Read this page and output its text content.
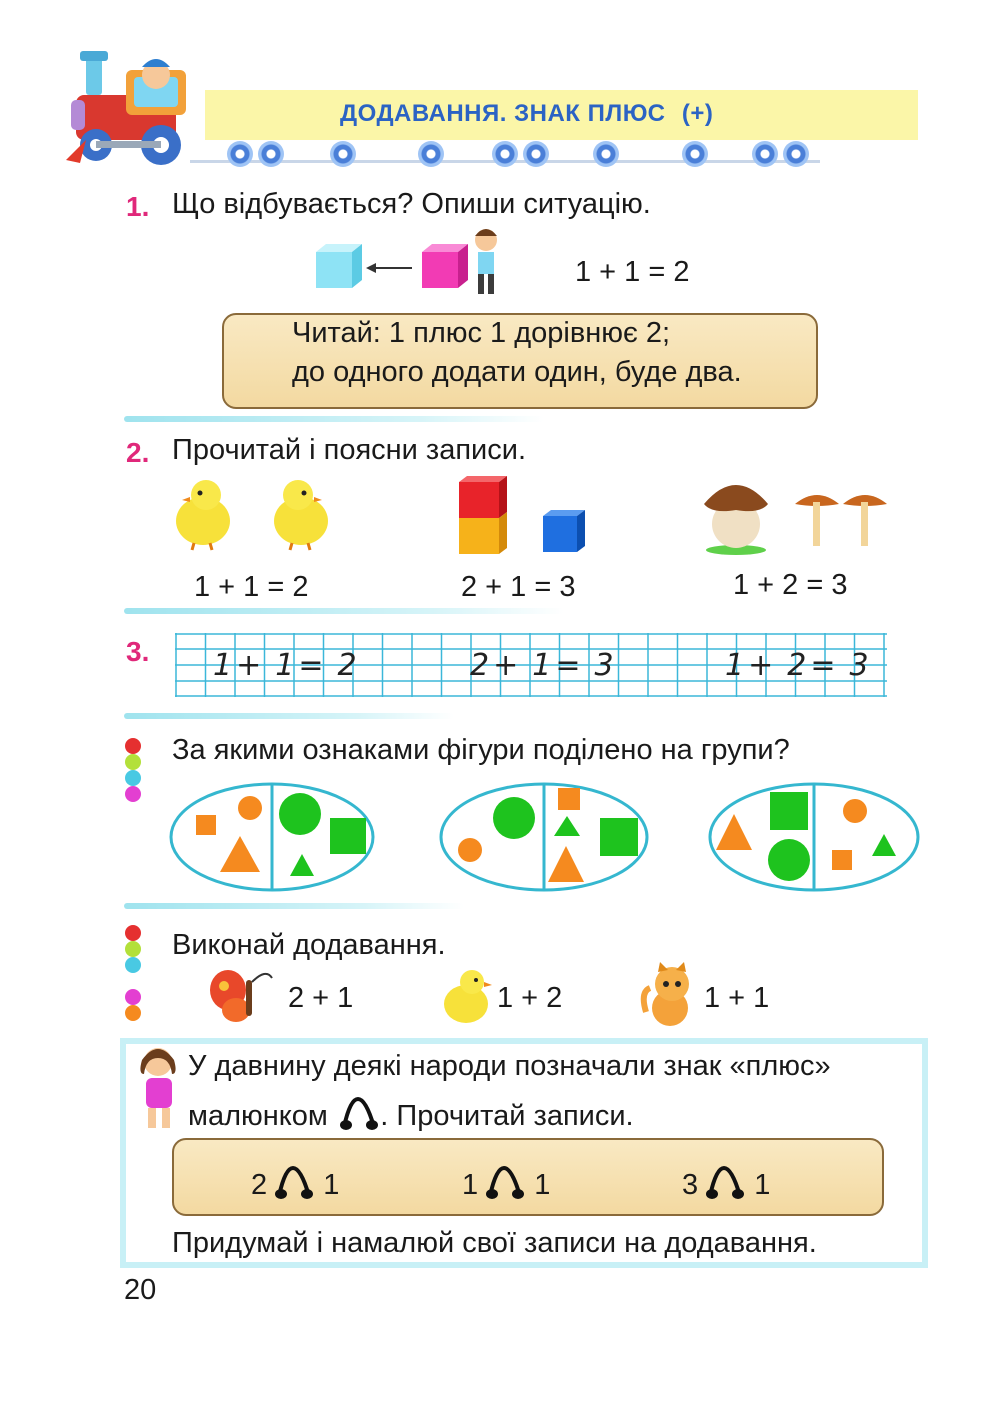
ДОДАВАННЯ. ЗНАК ПЛЮС (+)
1. Що відбувається? Опиши ситуацію.
1 + 1 = 2
Читай: 1 плюс 1 дорівнює 2;
до одного додати один, буде два.
2. Прочитай і поясни записи.
1 + 1 = 2	2 + 1 = 3	1 + 2 = 3
3. 1 + 1 = 2	2 + 1 = 3	1 + 2 = 3
За якими ознаками фігури поділено на групи?
Виконай додавання.
2 + 1	1 + 2	1 + 1
У давнину деякі народи позначали знак «плюс»
малюнком . Прочитай записи.
2 1	1 1	3 1
Придумай і намалюй свої записи на додавання.
20
